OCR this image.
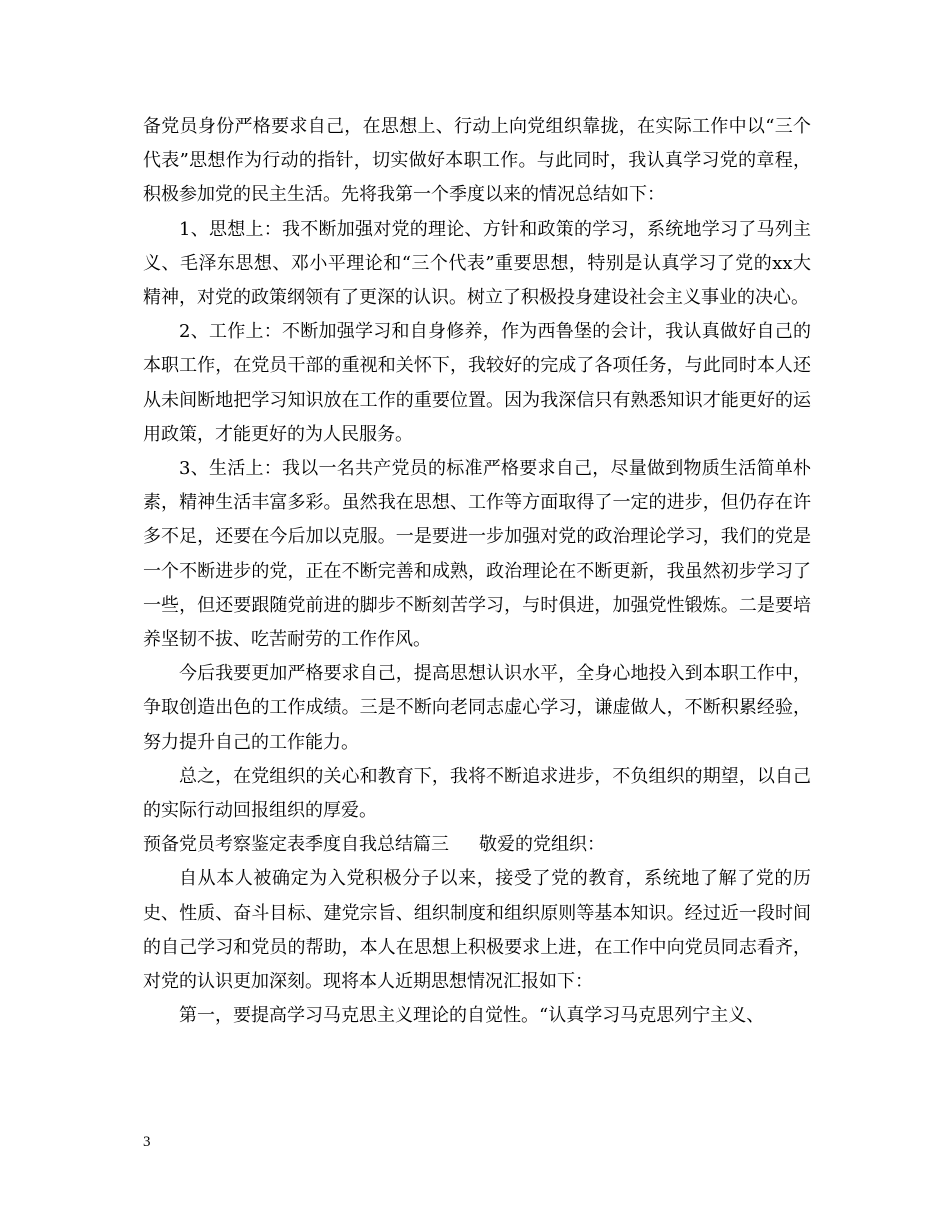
备党员身份严格要求自己，在思想上、行动上向党组织靠拢，在实际工作中以“三个代表”思想作为行动的指针，切实做好本职工作。与此同时，我认真学习党的章程，积极参加党的民主生活。先将我第一个季度以来的情况总结如下：

1、思想上：我不断加强对党的理论、方针和政策的学习，系统地学习了马列主义、毛泽东思想、邓小平理论和“三个代表”重要思想，特别是认真学习了党的xx大精神，对党的政策纲领有了更深的认识。树立了积极投身建设社会主义事业的决心。

2、工作上：不断加强学习和自身修养，作为西鲁堡的会计，我认真做好自己的本职工作，在党员干部的重视和关怀下，我较好的完成了各项任务，与此同时本人还从未间断地把学习知识放在工作的重要位置。因为我深信只有熟悉知识才能更好的运用政策，才能更好的为人民服务。

3、生活上：我以一名共产党员的标准严格要求自己，尽量做到物质生活简单朴素，精神生活丰富多彩。虽然我在思想、工作等方面取得了一定的进步，但仍存在许多不足，还要在今后加以克服。一是要进一步加强对党的政治理论学习，我们的党是一个不断进步的党，正在不断完善和成熟，政治理论在不断更新，我虽然初步学习了一些，但还要跟随党前进的脚步不断刻苦学习，与时俱进，加强党性锻炼。二是要培养坚韧不拔、吃苦耐劳的工作作风。

今后我要更加严格要求自己，提高思想认识水平，全身心地投入到本职工作中，争取创造出色的工作成绩。三是不断向老同志虚心学习，谦虚做人，不断积累经验，努力提升自己的工作能力。

总之，在党组织的关心和教育下，我将不断追求进步，不负组织的期望，以自己的实际行动回报组织的厚爱。

预备党员考察鉴定表季度自我总结篇三 敬爱的党组织：

自从本人被确定为入党积极分子以来，接受了党的教育，系统地了解了党的历史、性质、奋斗目标、建党宗旨、组织制度和组织原则等基本知识。经过近一段时间的自己学习和党员的帮助，本人在思想上积极要求上进，在工作中向党员同志看齐，对党的认识更加深刻。现将本人近期思想情况汇报如下：

第一，要提高学习马克思主义理论的自觉性。“认真学习马克思列宁主义、

3
